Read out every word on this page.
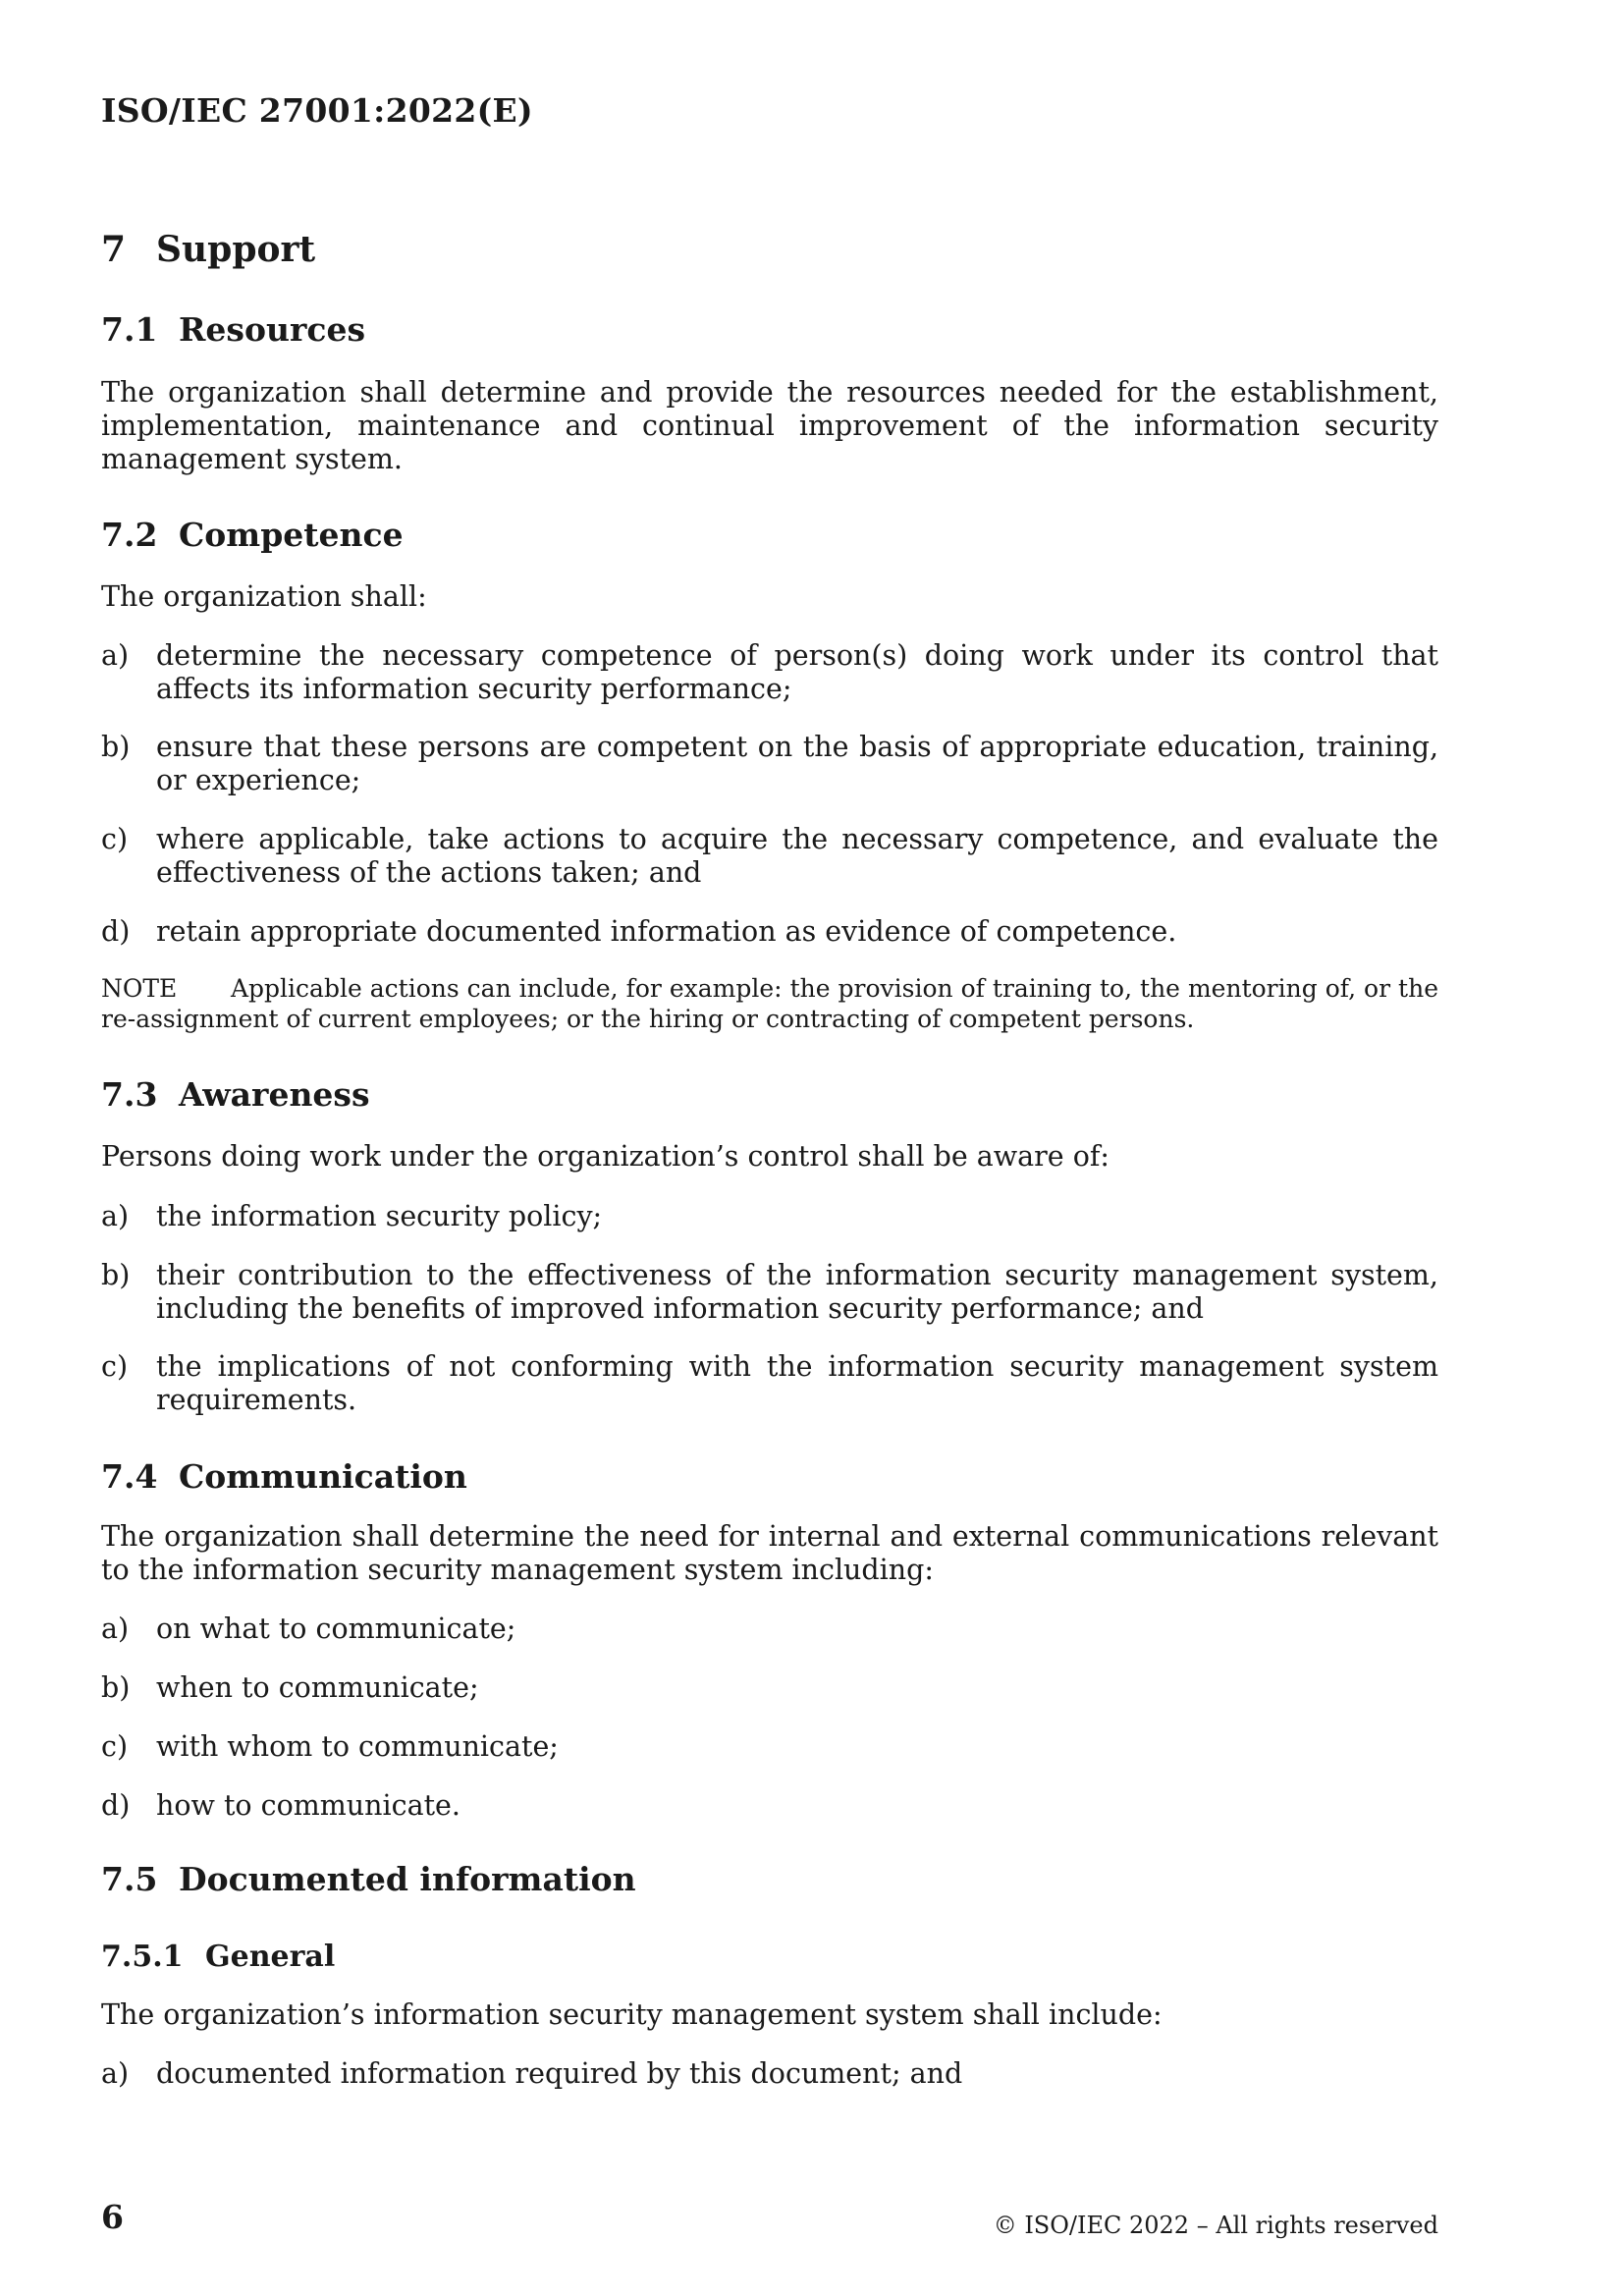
ISO/IEC 27001:2022(E)
7 Support
7.1 Resources

The organization shall determine and provide the resources needed for the establishment, implementation, maintenance and continual improvement of the information security management system.

7.2 Competence

The organization shall:

a) determine the necessary competence of person(s) doing work under its control that affects its information security performance;
b) ensure that these persons are competent on the basis of appropriate education, training, or experience;
c)	where applicable, take actions to acquire the necessary competence, and evaluate the effectiveness of the actions taken; and
d) retain appropriate documented information as evidence of competence.

NOTE Applicable actions can include, for example: the provision of training to, the mentoring of, or the re-assignment of current employees; or the hiring or contracting of competent persons.

7.3 Awareness

Persons doing work under the organization’s control shall be aware of:

a) the information security policy;
b) their contribution to the effectiveness of the information security management system, including the benefits of improved information security performance; and
c)	the implications of not conforming with the information security management system requirements.
7.4 Communication

The organization shall determine the need for internal and external communications relevant to the information security management system including:

a) on what to communicate;
b) when to communicate;
c)	with whom to communicate;
d) how to communicate.
7.5 Documented information
7.5.1 General

The organization’s information security management system shall include:

a) documented information required by this document; and
6	© ISO/IEC 2022 – All rights reserved
